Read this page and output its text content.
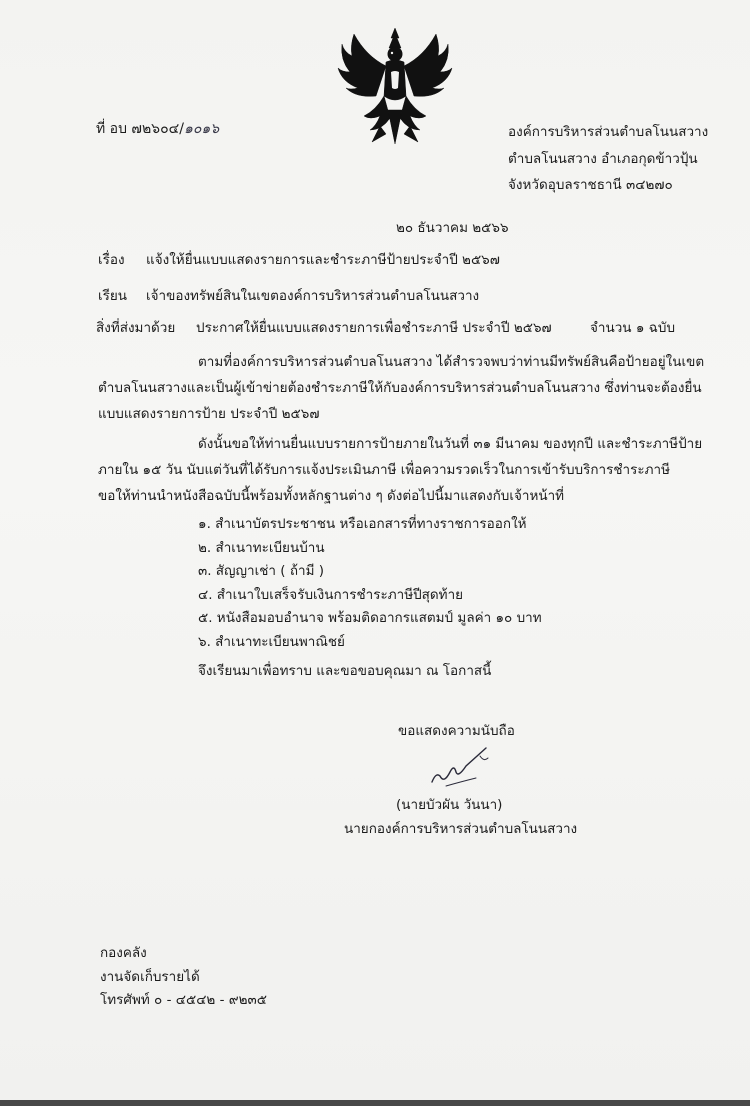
ที่ อบ ๗๒๖๐๔/๑๐๑๖	องค์การบริหารส่วนตำบลโนนสวาง
ตำบลโนนสวาง อำเภอกุดข้าวปุ้น
จังหวัดอุบลราชธานี ๓๔๒๗๐
๒๐ ธันวาคม ๒๕๖๖
เรื่อง แจ้งให้ยื่นแบบแสดงรายการและชำระภาษีป้ายประจำปี ๒๕๖๗
เรียน เจ้าของทรัพย์สินในเขตองค์การบริหารส่วนตำบลโนนสวาง
สิ่งที่ส่งมาด้วย ประกาศให้ยื่นแบบแสดงรายการเพื่อชำระภาษี ประจำปี ๒๕๖๗	จำนวน ๑ ฉบับ
ตามที่องค์การบริหารส่วนตำบลโนนสวาง ได้สำรวจพบว่าท่านมีทรัพย์สินคือป้ายอยู่ในเขต
ตำบลโนนสวางและเป็นผู้เข้าข่ายต้องชำระภาษีให้กับองค์การบริหารส่วนตำบลโนนสวาง ซึ่งท่านจะต้องยื่น
แบบแสดงรายการป้าย ประจำปี ๒๕๖๗
ดังนั้นขอให้ท่านยื่นแบบรายการป้ายภายในวันที่ ๓๑ มีนาคม ของทุกปี และชำระภาษีป้าย
ภายใน ๑๕ วัน นับแต่วันที่ได้รับการแจ้งประเมินภาษี เพื่อความรวดเร็วในการเข้ารับบริการชำระภาษี
ขอให้ท่านนำหนังสือฉบับนี้พร้อมทั้งหลักฐานต่าง ๆ ดังต่อไปนี้มาแสดงกับเจ้าหน้าที่
๑. สำเนาบัตรประชาชน หรือเอกสารที่ทางราชการออกให้
๒. สำเนาทะเบียนบ้าน
๓. สัญญาเช่า ( ถ้ามี )
๔. สำเนาใบเสร็จรับเงินการชำระภาษีปีสุดท้าย
๕. หนังสือมอบอำนาจ พร้อมติดอากรแสตมป์ มูลค่า ๑๐ บาท
๖. สำเนาทะเบียนพาณิชย์
จึงเรียนมาเพื่อทราบ และขอขอบคุณมา ณ โอกาสนี้
ขอแสดงความนับถือ
(นายบัวผัน วันนา)
นายกองค์การบริหารส่วนตำบลโนนสวาง
กองคลัง
งานจัดเก็บรายได้
โทรศัพท์ ๐ - ๔๕๔๒ - ๙๒๓๕
